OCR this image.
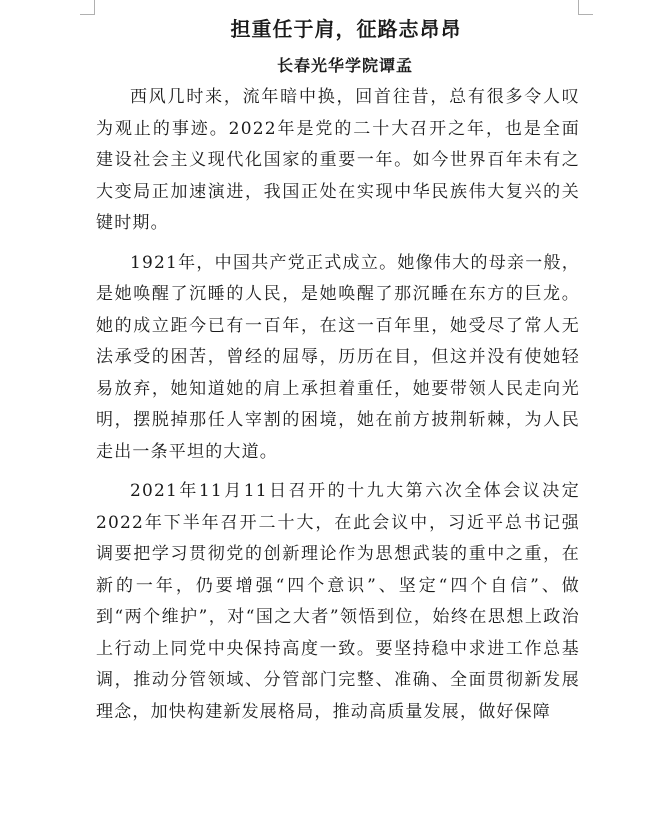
担重任于肩，征路志昂昂
长春光华学院谭孟

西风几时来，流年暗中换，回首往昔，总有很多令人叹为观止的事迹。2022年是党的二十大召开之年，也是全面建设社会主义现代化国家的重要一年。如今世界百年未有之大变局正加速演进，我国正处在实现中华民族伟大复兴的关键时期。

1921年，中国共产党正式成立。她像伟大的母亲一般，是她唤醒了沉睡的人民，是她唤醒了那沉睡在东方的巨龙。她的成立距今已有一百年，在这一百年里，她受尽了常人无法承受的困苦，曾经的屈辱，历历在目，但这并没有使她轻易放弃，她知道她的肩上承担着重任，她要带领人民走向光明，摆脱掉那任人宰割的困境，她在前方披荆斩棘，为人民走出一条平坦的大道。

2021年11月11日召开的十九大第六次全体会议决定2022年下半年召开二十大，在此会议中，习近平总书记强调要把学习贯彻党的创新理论作为思想武装的重中之重，在新的一年，仍要增强“四个意识”、坚定“四个自信”、做到“两个维护”，对“国之大者”领悟到位，始终在思想上政治上行动上同党中央保持高度一致。要坚持稳中求进工作总基调，推动分管领域、分管部门完整、准确、全面贯彻新发展理念，加快构建新发展格局，推动高质量发展，做好保障
